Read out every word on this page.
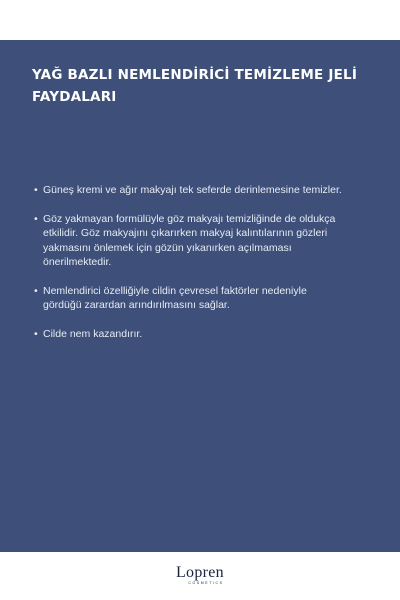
YAĞ BAZLI NEMLENDİRİCİ TEMİZLEME JELİ
FAYDALARI
• Güneş kremi ve ağır makyajı tek seferde derinlemesine temizler.
• Göz yakmayan formülüyle göz makyajı temizliğinde de oldukça
etkilidir. Göz makyajını çıkarırken makyaj kalıntılarının gözleri
yakmasını önlemek için gözün yıkanırken açılmaması
önerilmektedir.
• Nemlendirici özelliğiyle cildin çevresel faktörler nedeniyle
gördüğü zarardan arındırılmasını sağlar.
• Cilde nem kazandırır.
Lopren
COSMETICS
